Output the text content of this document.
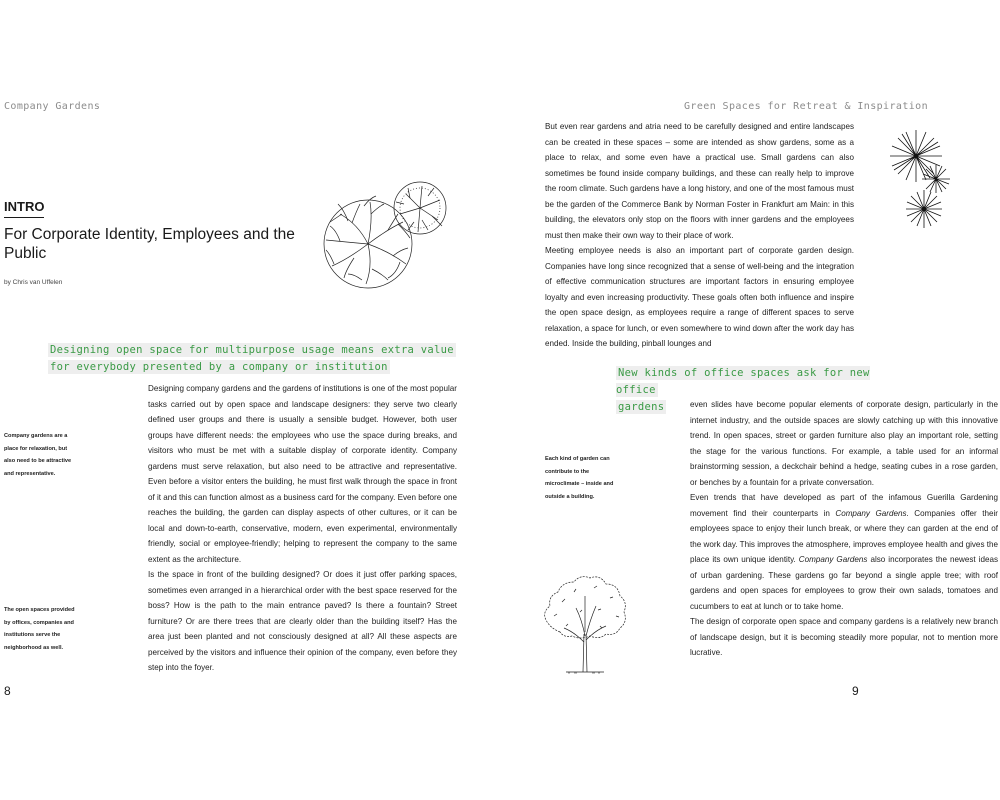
Company Gardens
INTRO
For Corporate Identity, Employees and the Public
by Chris van Uffelen
Designing open space for multipurpose usage means extra value
for everybody presented by a company or institution
Company gardens are a place for relaxation, but also need to be attractive and representative.
The open spaces provided by offices, companies and institutions serve the neighborhood as well.

Designing company gardens and the gardens of institutions is one of the most popular tasks carried out by open space and landscape designers: they serve two clearly defined user groups and there is usually a sensible budget. However, both user groups have different needs: the employees who use the space during breaks, and visitors who must be met with a suitable display of corporate identity. Company gardens must serve relaxation, but also need to be attractive and representative. Even before a visitor enters the building, he must first walk through the space in front of it and this can function almost as a business card for the company. Even before one reaches the building, the garden can display aspects of other cultures, or it can be local and down-to-earth, conservative, modern, even experimental, environmentally friendly, social or employee-friendly; helping to represent the company to the same extent as the architecture.

Is the space in front of the building designed? Or does it just offer parking spaces, sometimes even arranged in a hierarchical order with the best space reserved for the boss? How is the path to the main entrance paved? Is there a fountain? Street furniture? Or are there trees that are clearly older than the building itself? Has the area just been planted and not consciously designed at all? All these aspects are perceived by the visitors and influence their opinion of the company, even before they step into the foyer.

8
Green Spaces for Retreat & Inspiration

But even rear gardens and atria need to be carefully designed and entire landscapes can be created in these spaces – some are intended as show gardens, some as a place to relax, and some even have a practical use. Small gardens can also sometimes be found inside company buildings, and these can really help to improve the room climate. Such gardens have a long history, and one of the most famous must be the garden of the Commerce Bank by Norman Foster in Frankfurt am Main: in this building, the elevators only stop on the floors with inner gardens and the employees must then make their own way to their place of work.

Meeting employee needs is also an important part of corporate garden design. Companies have long since recognized that a sense of well-being and the integration of effective communication structures are important factors in ensuring employee loyalty and even increasing productivity. These goals often both influence and inspire the open space design, as employees require a range of different spaces to serve relaxation, a space for lunch, or even somewhere to wind down after the work day has ended. Inside the building, pinball lounges and

New kinds of office spaces ask for new office
gardens
Each kind of garden can contribute to the microclimate – inside and outside a building.

even slides have become popular elements of corporate design, particularly in the internet industry, and the outside spaces are slowly catching up with this innovative trend. In open spaces, street or garden furniture also play an important role, setting the stage for the various functions. For example, a table used for an informal brainstorming session, a deckchair behind a hedge, seating cubes in a rose garden, or benches by a fountain for a private conversation.

Even trends that have developed as part of the infamous Guerilla Gardening movement find their counterparts in Company Gardens. Companies offer their employees space to enjoy their lunch break, or where they can garden at the end of the work day. This improves the atmosphere, improves employee health and gives the place its own unique identity. Company Gardens also incorporates the newest ideas of urban gardening. These gardens go far beyond a single apple tree; with roof gardens and open spaces for employees to grow their own salads, tomatoes and cucumbers to eat at lunch or to take home.

The design of corporate open space and company gardens is a relatively new branch of landscape design, but it is becoming steadily more popular, not to mention more lucrative.

9
